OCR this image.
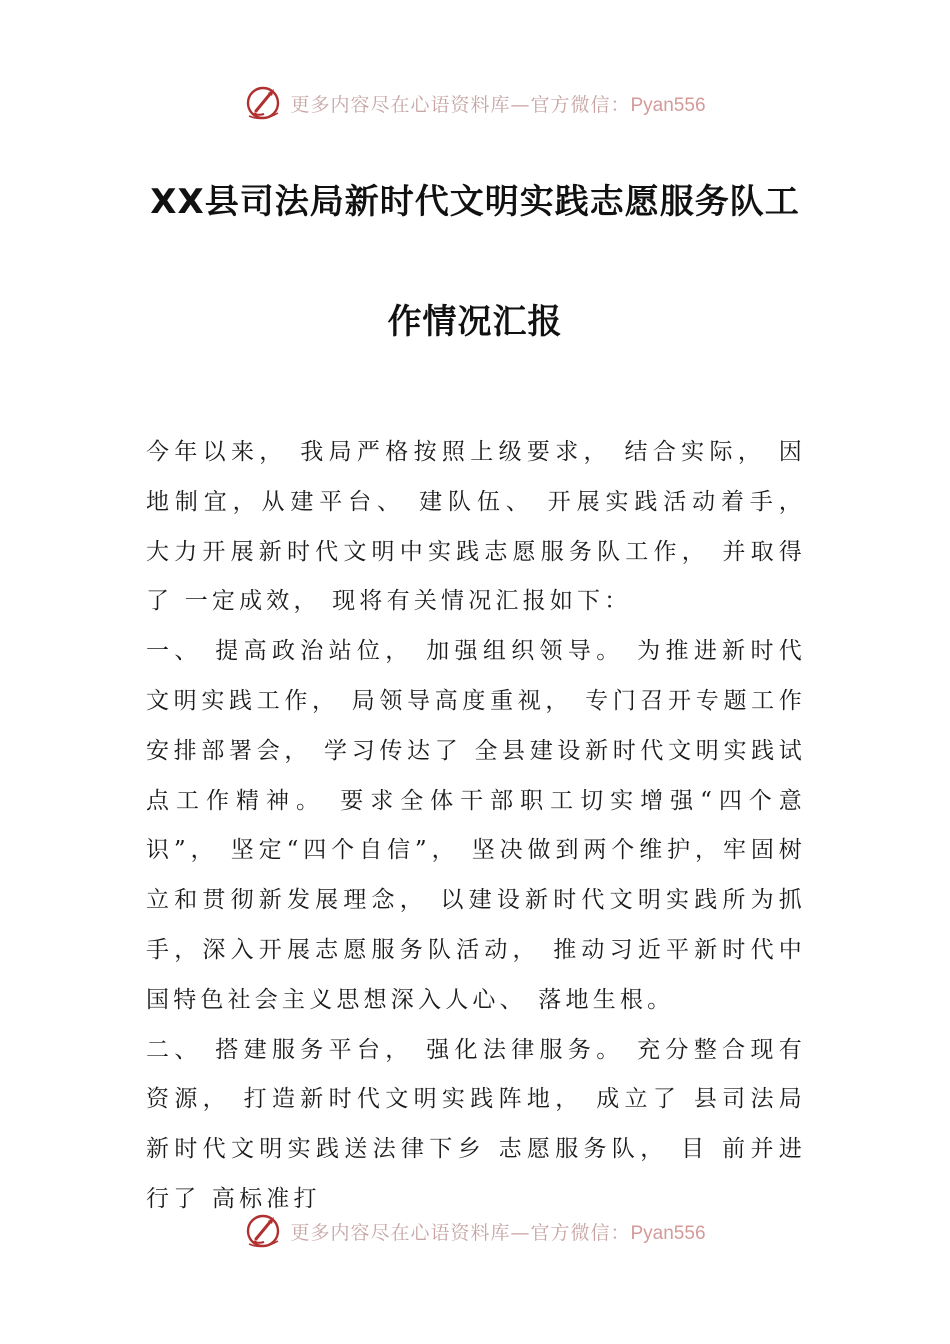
更多内容尽在心语资料库—官方微信：Pyan556
XX县司法局新时代文明实践志愿服务队工
作情况汇报

今年以来， 我局严格按照上级要求， 结合实际， 因地制宜，从建平台、 建队伍、 开展实践活动着手， 大力开展新时代文明中实践志愿服务队工作， 并取得了 一定成效， 现将有关情况汇报如下：

一、 提高政治站位， 加强组织领导。 为推进新时代文明实践工作， 局领导高度重视， 专门召开专题工作安排部署会， 学习传达了 全县建设新时代文明实践试点工作精神。 要求全体干部职工切实增强“四个意识”， 坚定“四个自信”， 坚决做到两个维护，牢固树立和贯彻新发展理念， 以建设新时代文明实践所为抓手，深入开展志愿服务队活动， 推动习近平新时代中国特色社会主义思想深入人心、 落地生根。

二、 搭建服务平台， 强化法律服务。 充分整合现有资源， 打造新时代文明实践阵地， 成立了 县司法局新时代文明实践送法律下乡 志愿服务队， 目 前并进行了 高标准打

更多内容尽在心语资料库—官方微信：Pyan556
